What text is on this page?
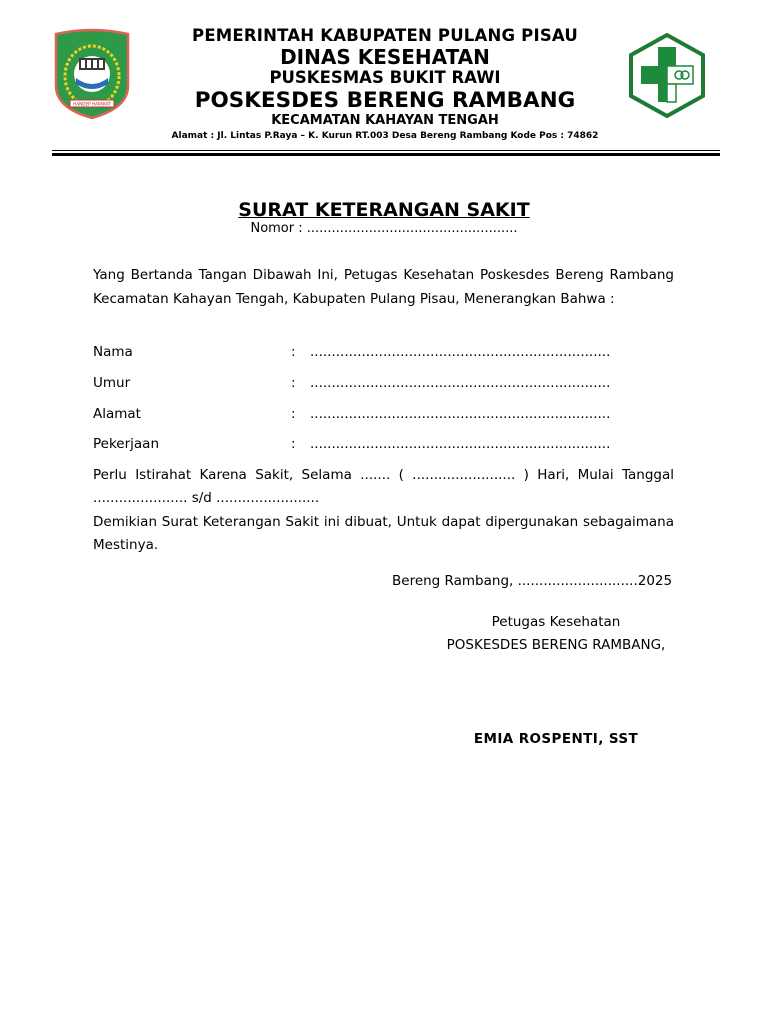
HANDEP HAPAKAT
PEMERINTAH KABUPATEN PULANG PISAU
DINAS KESEHATAN
PUSKESMAS BUKIT RAWI
POSKESDES BERENG RAMBANG
KECAMATAN KAHAYAN TENGAH
Alamat : Jl. Lintas P.Raya – K. Kurun RT.003 Desa Bereng Rambang Kode Pos : 74862
SURAT KETERANGAN SAKIT
Nomor : ...................................................
Yang Bertanda Tangan Dibawah Ini, Petugas Kesehatan Poskesdes Bereng Rambang Kecamatan Kahayan Tengah, Kabupaten Pulang Pisau, Menerangkan Bahwa :
Nama	: ......................................................................
Umur	: ......................................................................
Alamat	: ......................................................................
Pekerjaan	: ......................................................................
Perlu Istirahat Karena Sakit, Selama ....... ( ........................ ) Hari, Mulai Tanggal ...................... s/d ........................
Demikian Surat Keterangan Sakit ini dibuat, Untuk dapat dipergunakan sebagaimana Mestinya.
Bereng Rambang, ............................2025
Petugas Kesehatan
POSKESDES BERENG RAMBANG,
EMIA ROSPENTI, SST
